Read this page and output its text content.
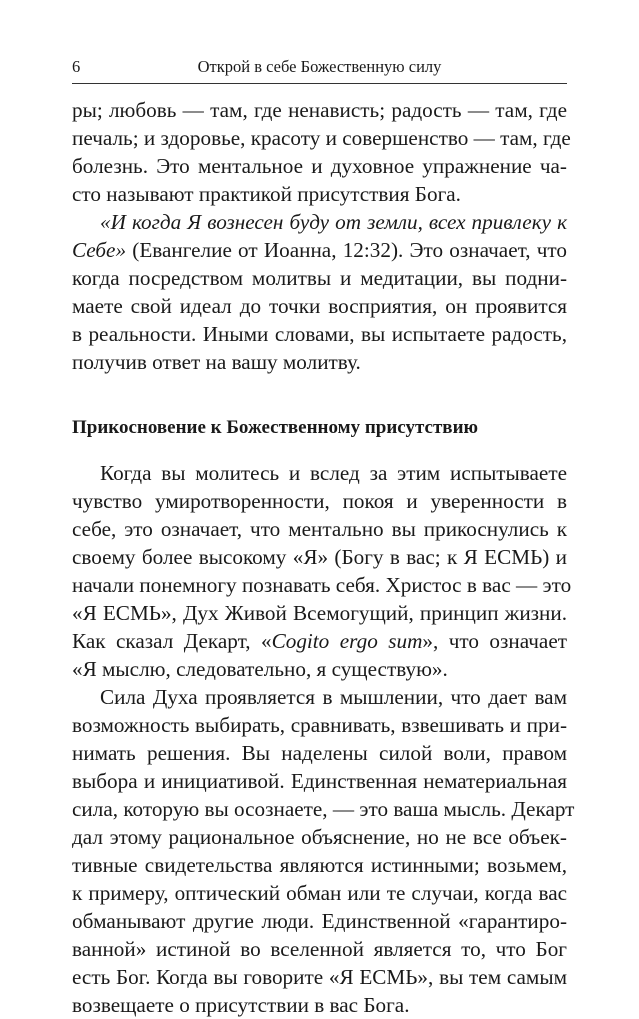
6	Открой в себе Божественную силу
ры; любовь — там, где ненависть; радость — там, где
печаль; и здоровье, красоту и совершенство — там, где
болезнь. Это ментальное и духовное упражнение ча-
сто называют практикой присутствия Бога.
«И когда Я вознесен буду от земли, всех привлеку к
Себе» (Евангелие от Иоанна, 12:32). Это означает, что
когда посредством молитвы и медитации, вы подни-
маете свой идеал до точки восприятия, он проявится
в реальности. Иными словами, вы испытаете радость,
получив ответ на вашу молитву.
Прикосновение к Божественному присутствию
Когда вы молитесь и вслед за этим испытываете
чувство умиротворенности, покоя и уверенности в
себе, это означает, что ментально вы прикоснулись к
своему более высокому «Я» (Богу в вас; к Я ЕСМЬ) и
начали понемногу познавать себя. Христос в вас — это
«Я ЕСМЬ», Дух Живой Всемогущий, принцип жизни.
Как сказал Декарт, «Cogito ergo sum», что означает
«Я мыслю, следовательно, я существую».
Сила Духа проявляется в мышлении, что дает вам
возможность выбирать, сравнивать, взвешивать и при-
нимать решения. Вы наделены силой воли, правом
выбора и инициативой. Единственная нематериальная
сила, которую вы осознаете, — это ваша мысль. Декарт
дал этому рациональное объяснение, но не все объек-
тивные свидетельства являются истинными; возьмем,
к примеру, оптический обман или те случаи, когда вас
обманывают другие люди. Единственной «гарантиро-
ванной» истиной во вселенной является то, что Бог
есть Бог. Когда вы говорите «Я ЕСМЬ», вы тем самым
возвещаете о присутствии в вас Бога.
